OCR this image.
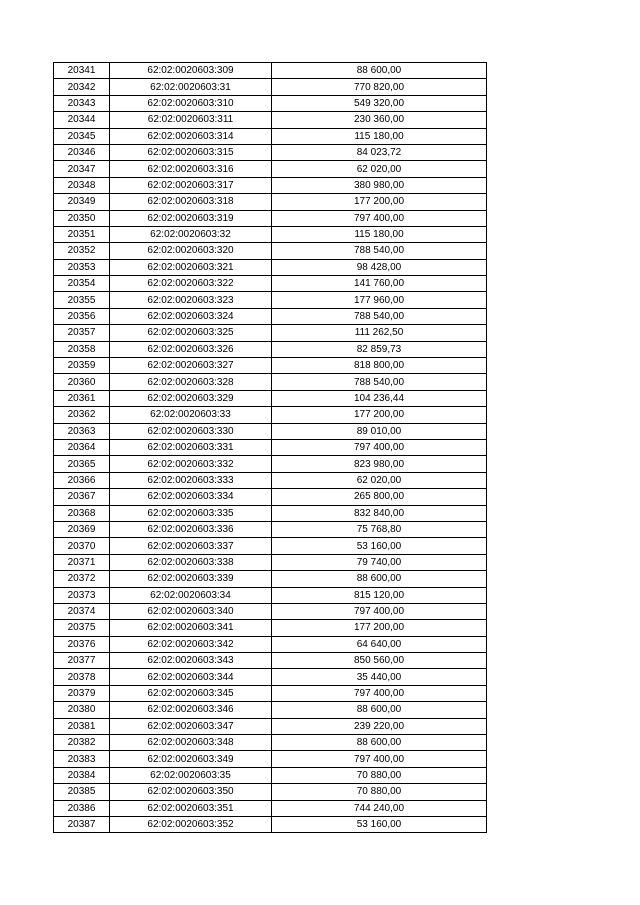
20341	62:02:0020603:309	88 600,00
20342	62:02:0020603:31	770 820,00
20343	62:02:0020603:310	549 320,00
20344	62:02:0020603:311	230 360,00
20345	62:02:0020603:314	115 180,00
20346	62:02:0020603:315	84 023,72
20347	62:02:0020603:316	62 020,00
20348	62:02:0020603:317	380 980,00
20349	62:02:0020603:318	177 200,00
20350	62:02:0020603:319	797 400,00
20351	62:02:0020603:32	115 180,00
20352	62:02:0020603:320	788 540,00
20353	62:02:0020603:321	98 428,00
20354	62:02:0020603:322	141 760,00
20355	62:02:0020603:323	177 960,00
20356	62:02:0020603:324	788 540,00
20357	62:02:0020603:325	111 262,50
20358	62:02:0020603:326	82 859,73
20359	62:02:0020603:327	818 800,00
20360	62:02:0020603:328	788 540,00
20361	62:02:0020603:329	104 236,44
20362	62:02:0020603:33	177 200,00
20363	62:02:0020603:330	89 010,00
20364	62:02:0020603:331	797 400,00
20365	62:02:0020603:332	823 980,00
20366	62:02:0020603:333	62 020,00
20367	62:02:0020603:334	265 800,00
20368	62:02:0020603:335	832 840,00
20369	62:02:0020603:336	75 768,80
20370	62:02:0020603:337	53 160,00
20371	62:02:0020603:338	79 740,00
20372	62:02:0020603:339	88 600,00
20373	62:02:0020603:34	815 120,00
20374	62:02:0020603:340	797 400,00
20375	62:02:0020603:341	177 200,00
20376	62:02:0020603:342	64 640,00
20377	62:02:0020603:343	850 560,00
20378	62:02:0020603:344	35 440,00
20379	62:02:0020603:345	797 400,00
20380	62:02:0020603:346	88 600,00
20381	62:02:0020603:347	239 220,00
20382	62:02:0020603:348	88 600,00
20383	62:02:0020603:349	797 400,00
20384	62:02:0020603:35	70 880,00
20385	62:02:0020603:350	70 880,00
20386	62:02:0020603:351	744 240,00
20387	62:02:0020603:352	53 160,00
